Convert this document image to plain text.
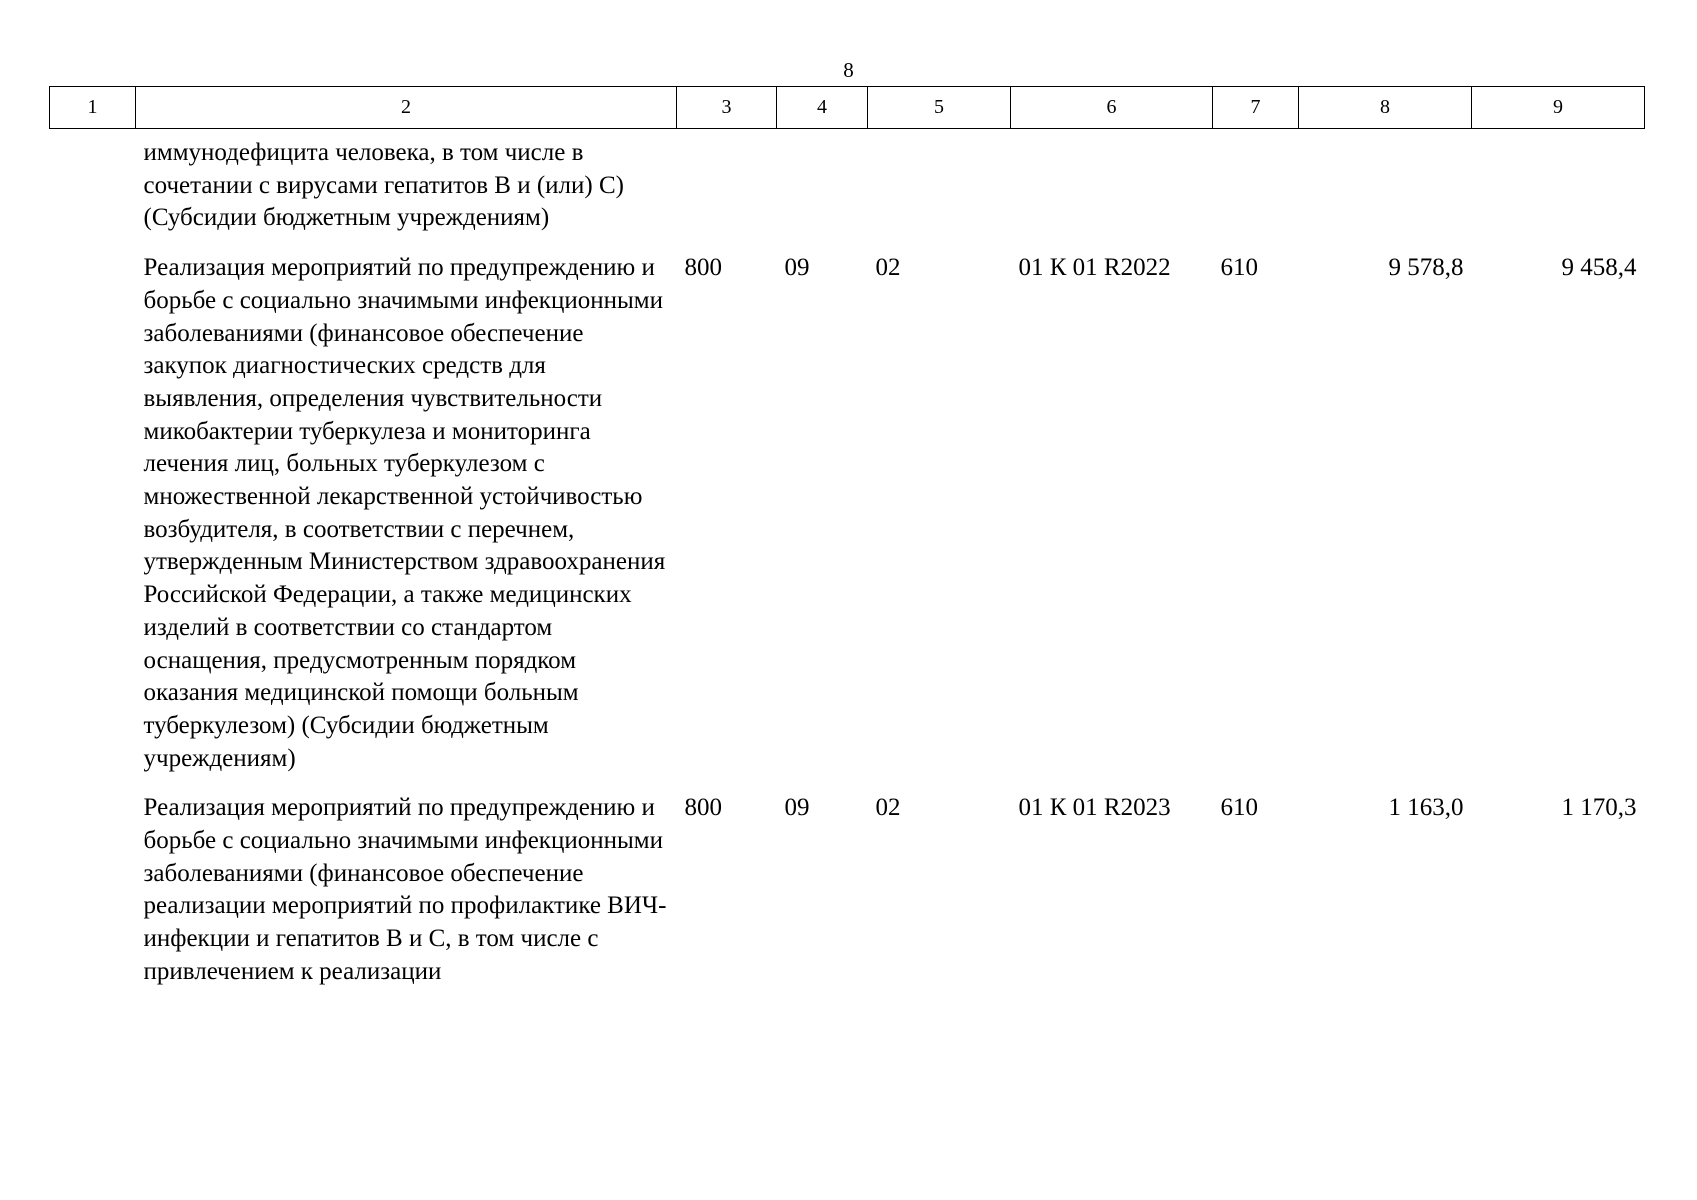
8
1	2	3	4	5	6	7	8	9
	иммунодефицита человека, в том числе в сочетании с вирусами гепатитов В и (или) С) (Субсидии бюджетным учреждениям)							
	Реализация мероприятий по предупреждению и борьбе с социально значимыми инфекционными заболеваниями (финансовое обеспечение закупок диагностических средств для выявления, определения чувствительности микобактерии туберкулеза и мониторинга лечения лиц, больных туберкулезом с множественной лекарственной устойчивостью возбудителя, в соответствии с перечнем, утвержденным Министерством здравоохранения Российской Федерации, а также медицинских изделий в соответствии со стандартом оснащения, предусмотренным порядком оказания медицинской помощи больным туберкулезом) (Субсидии бюджетным учреждениям)	800	09	02	01 К 01 R2022	610	9 578,8	9 458,4
	Реализация мероприятий по предупреждению и борьбе с социально значимыми инфекционными заболеваниями (финансовое обеспечение реализации мероприятий по профилактике ВИЧ-инфекции и гепатитов В и С, в том числе с привлечением к реализации	800	09	02	01 К 01 R2023	610	1 163,0	1 170,3
